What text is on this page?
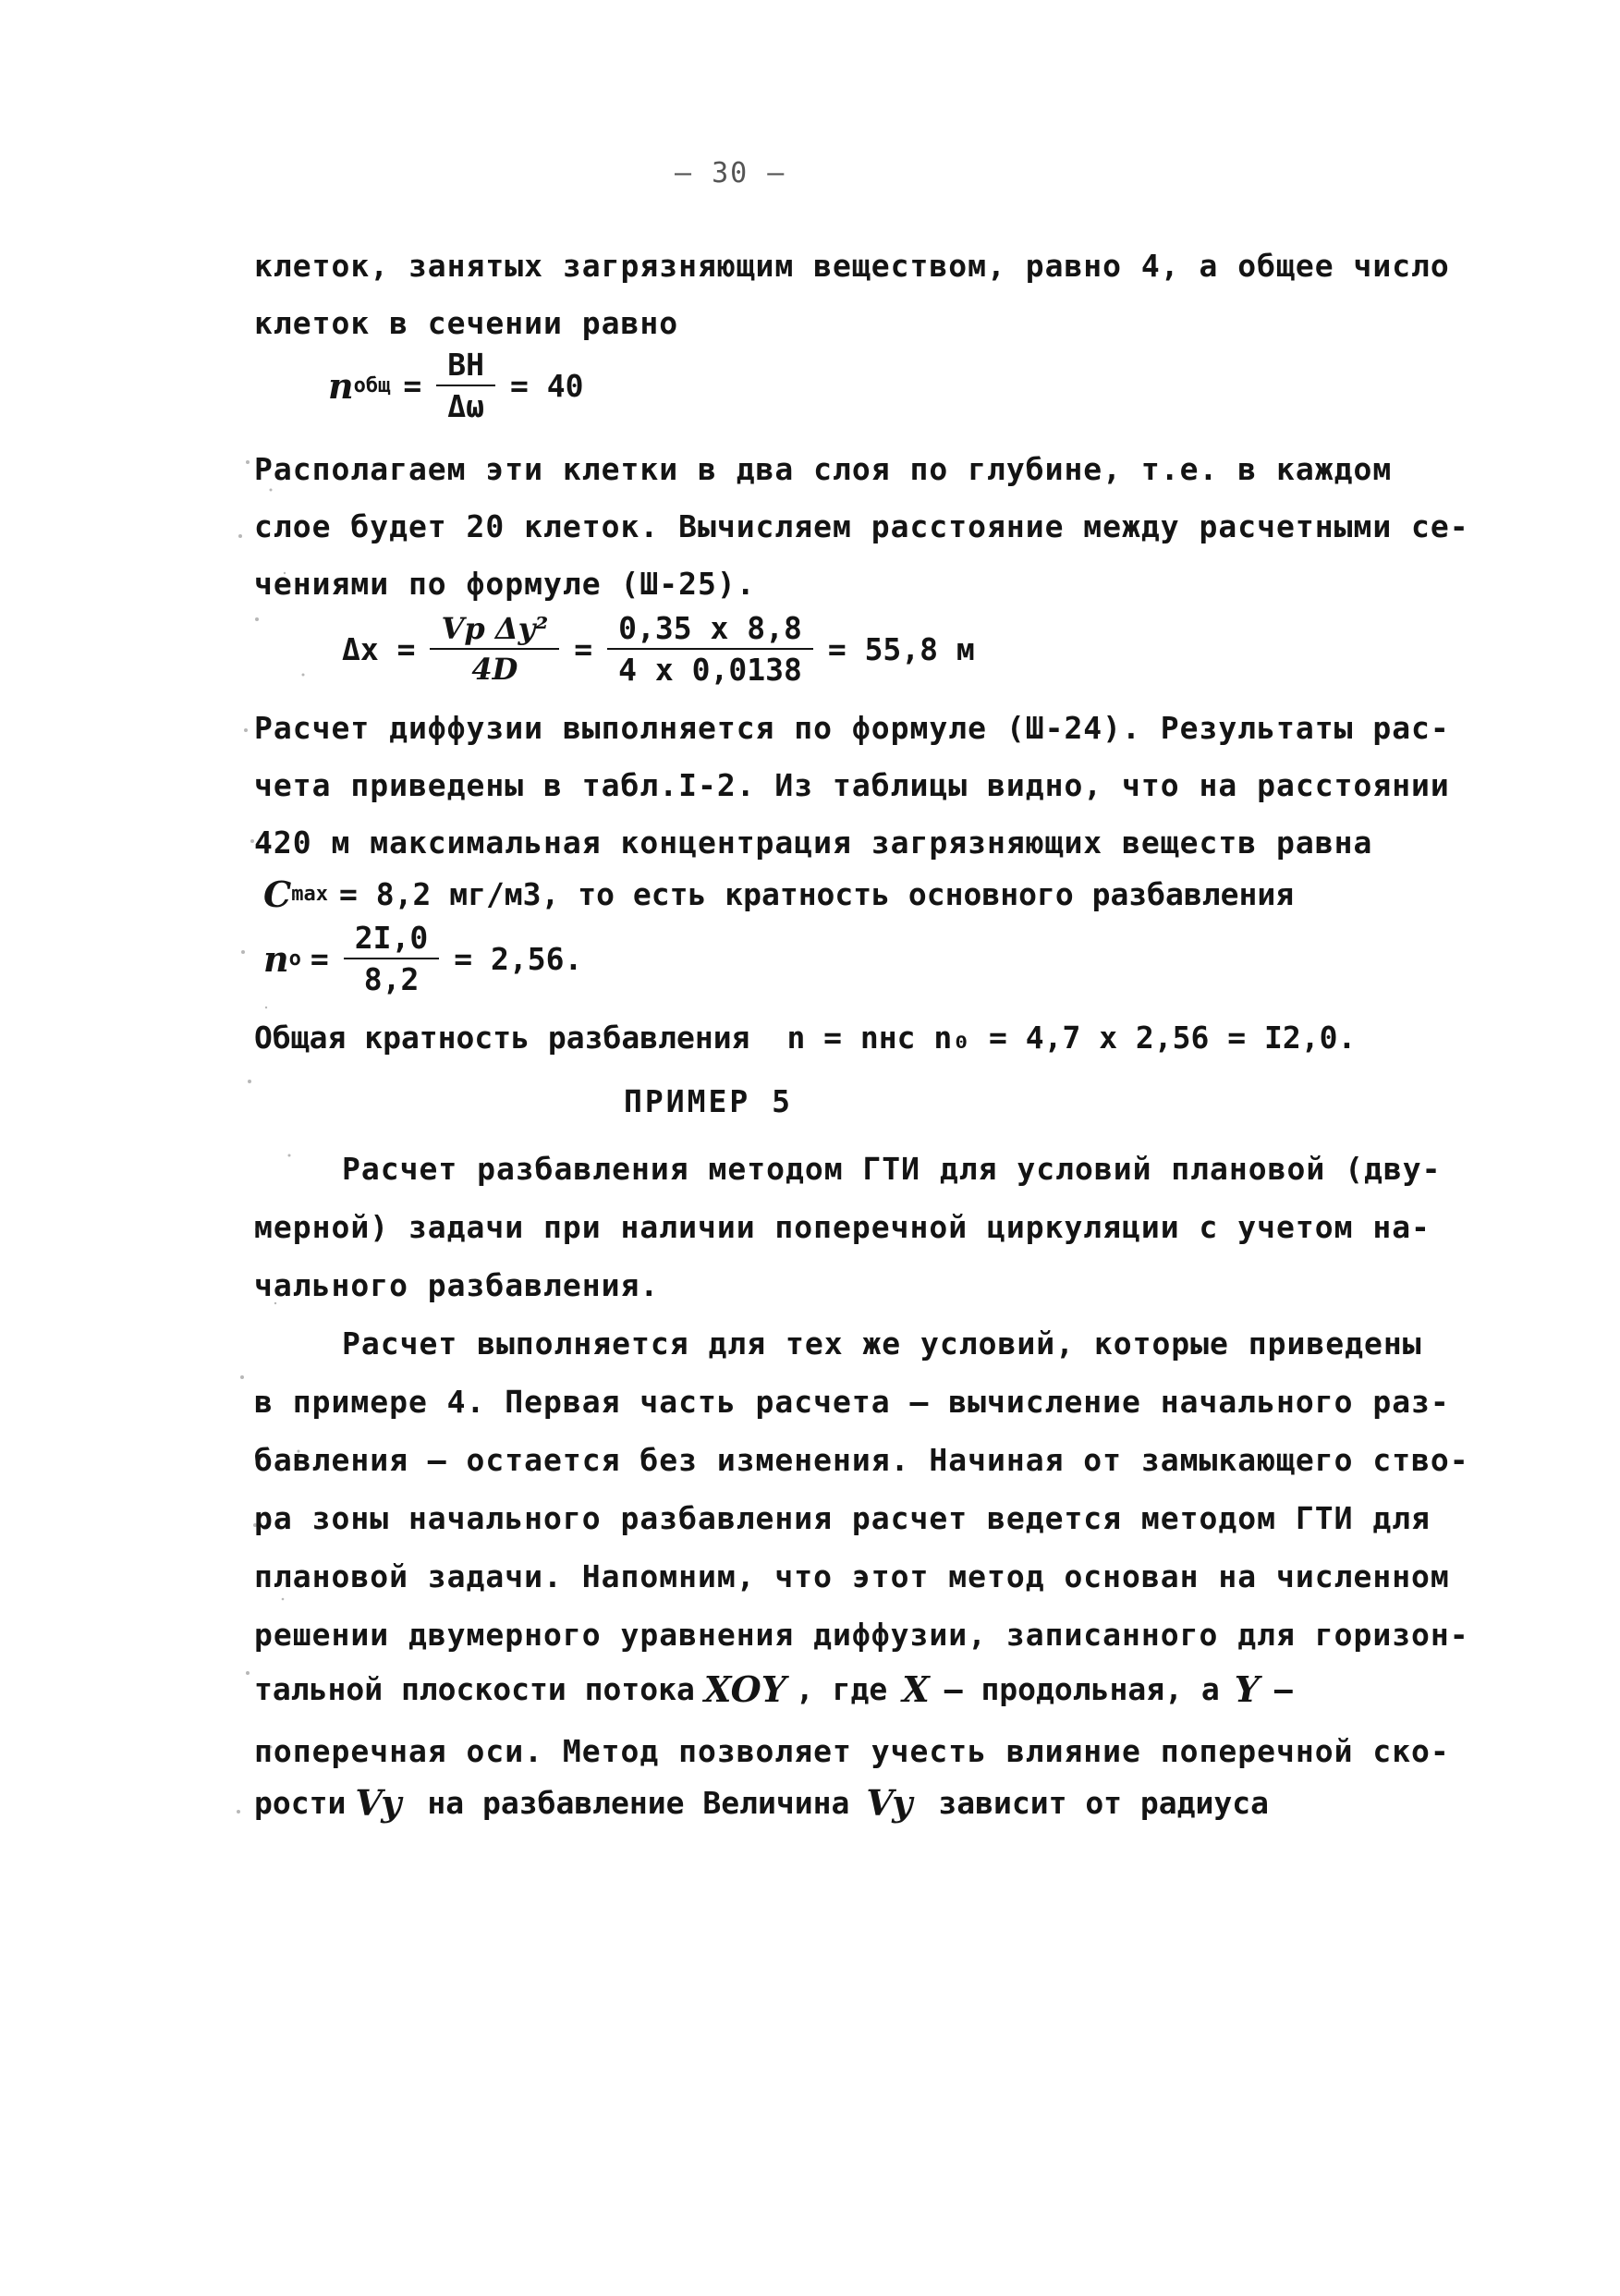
– 30 –
клеток, занятых загрязняющим веществом, равно 4, а общее число
клеток в сечении равно
n общ = $\frac{BH}{\Delta\omega} = 40$
Располагаем эти клетки в два слоя по глубине, т.е. в каждом
слое будет 20 клеток. Вычисляем расстояние между расчетными се-
чениями по формуле (Ш-25).
$\Delta x = \frac{\text{Vр Δy²}}{4D} = \frac{0,35 x 8,8}{4 x 0,0138} = 55,8$ м
Расчет диффузии выполняется по формуле (Ш-24). Результаты рас-
чета приведены в табл.I-2. Из таблицы видно, что на расстоянии
420 м максимальная концентрация загрязняющих веществ равна
C max = 8,2 мг/м3, то есть кратность основного разбавления
n $о = \frac{2I,0}{8,2} = 2,56$.
Общая кратность разбавления n = nнс n₀ = 4,7 x 2,56 = I2,0.
ПРИМЕР 5
Расчет разбавления методом ГТИ для условий плановой (дву-
мерной) задачи при наличии поперечной циркуляции с учетом на-
чального разбавления.
Расчет выполняется для тех же условий, которые приведены
в примере 4. Первая часть расчета – вычисление начального раз-
бавления – остается без изменения. Начиная от замыкающего ство-
ра зоны начального разбавления расчет ведется методом ГТИ для
плановой задачи. Напомним, что этот метод основан на численном
решении двумерного уравнения диффузии, записанного для горизон-
тальной плоскости потока XOY , где X – продольная, а Y –
поперечная оси. Метод позволяет учесть влияние поперечной ско-
рости Vy на разбавление Величина Vy зависит от радиуса
